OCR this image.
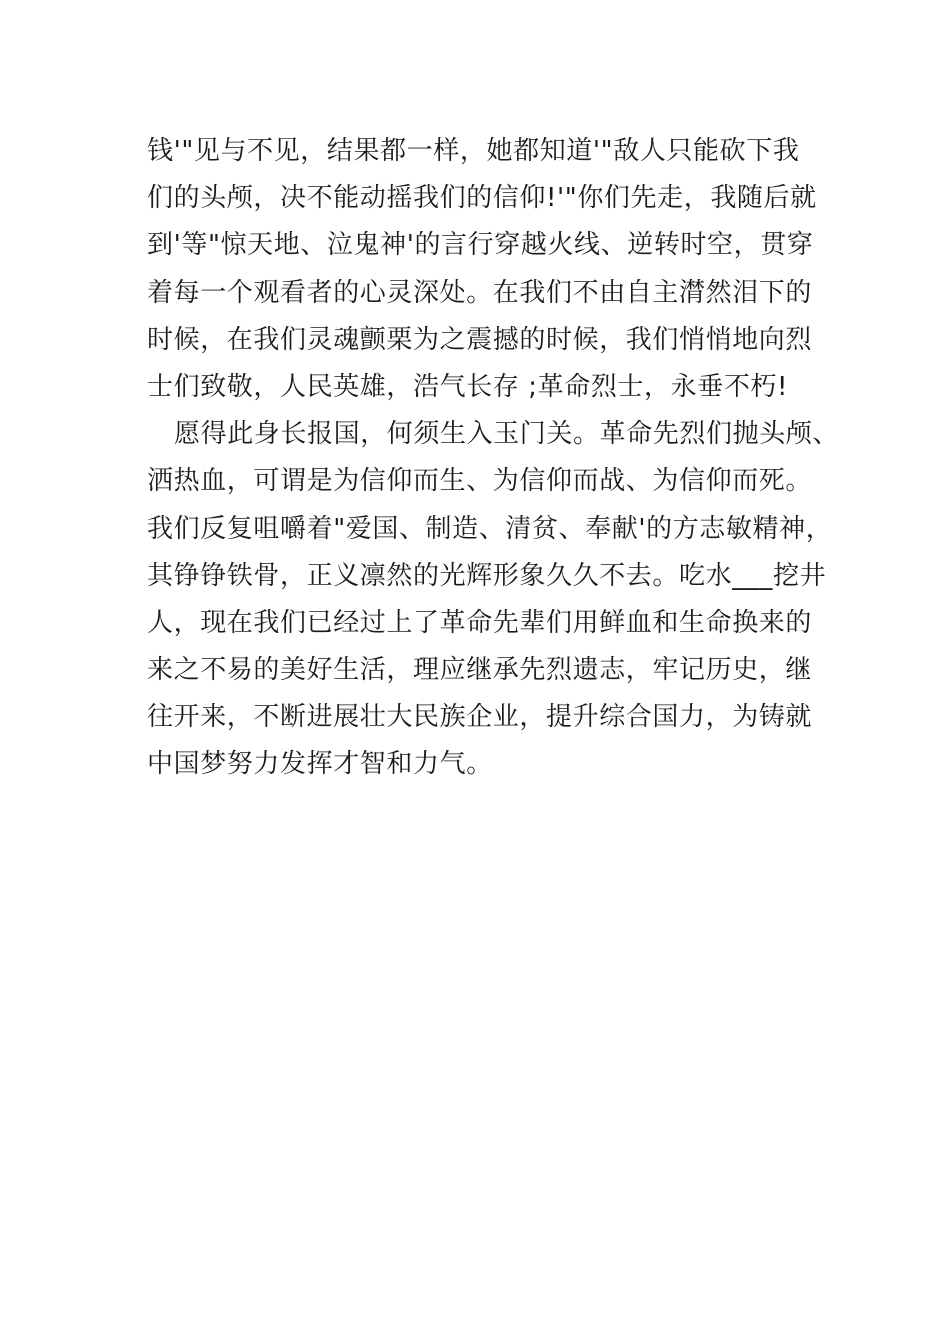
钱'"见与不见，结果都一样，她都知道'"敌人只能砍下我
们的头颅，决不能动摇我们的信仰!'"你们先走，我随后就
到'等"惊天地、泣鬼神'的言行穿越火线、逆转时空，贯穿
着每一个观看者的心灵深处。在我们不由自主潸然泪下的
时候，在我们灵魂颤栗为之震撼的时候，我们悄悄地向烈
士们致敬，人民英雄，浩气长存 ;革命烈士，永垂不朽!
愿得此身长报国，何须生入玉门关。革命先烈们抛头颅、
洒热血，可谓是为信仰而生、为信仰而战、为信仰而死。
我们反复咀嚼着"爱国、制造、清贫、奉献'的方志敏精神，
其铮铮铁骨，正义凛然的光辉形象久久不去。吃水___挖井
人，现在我们已经过上了革命先辈们用鲜血和生命换来的
来之不易的美好生活，理应继承先烈遗志，牢记历史，继
往开来，不断进展壮大民族企业，提升综合国力，为铸就
中国梦努力发挥才智和力气。
